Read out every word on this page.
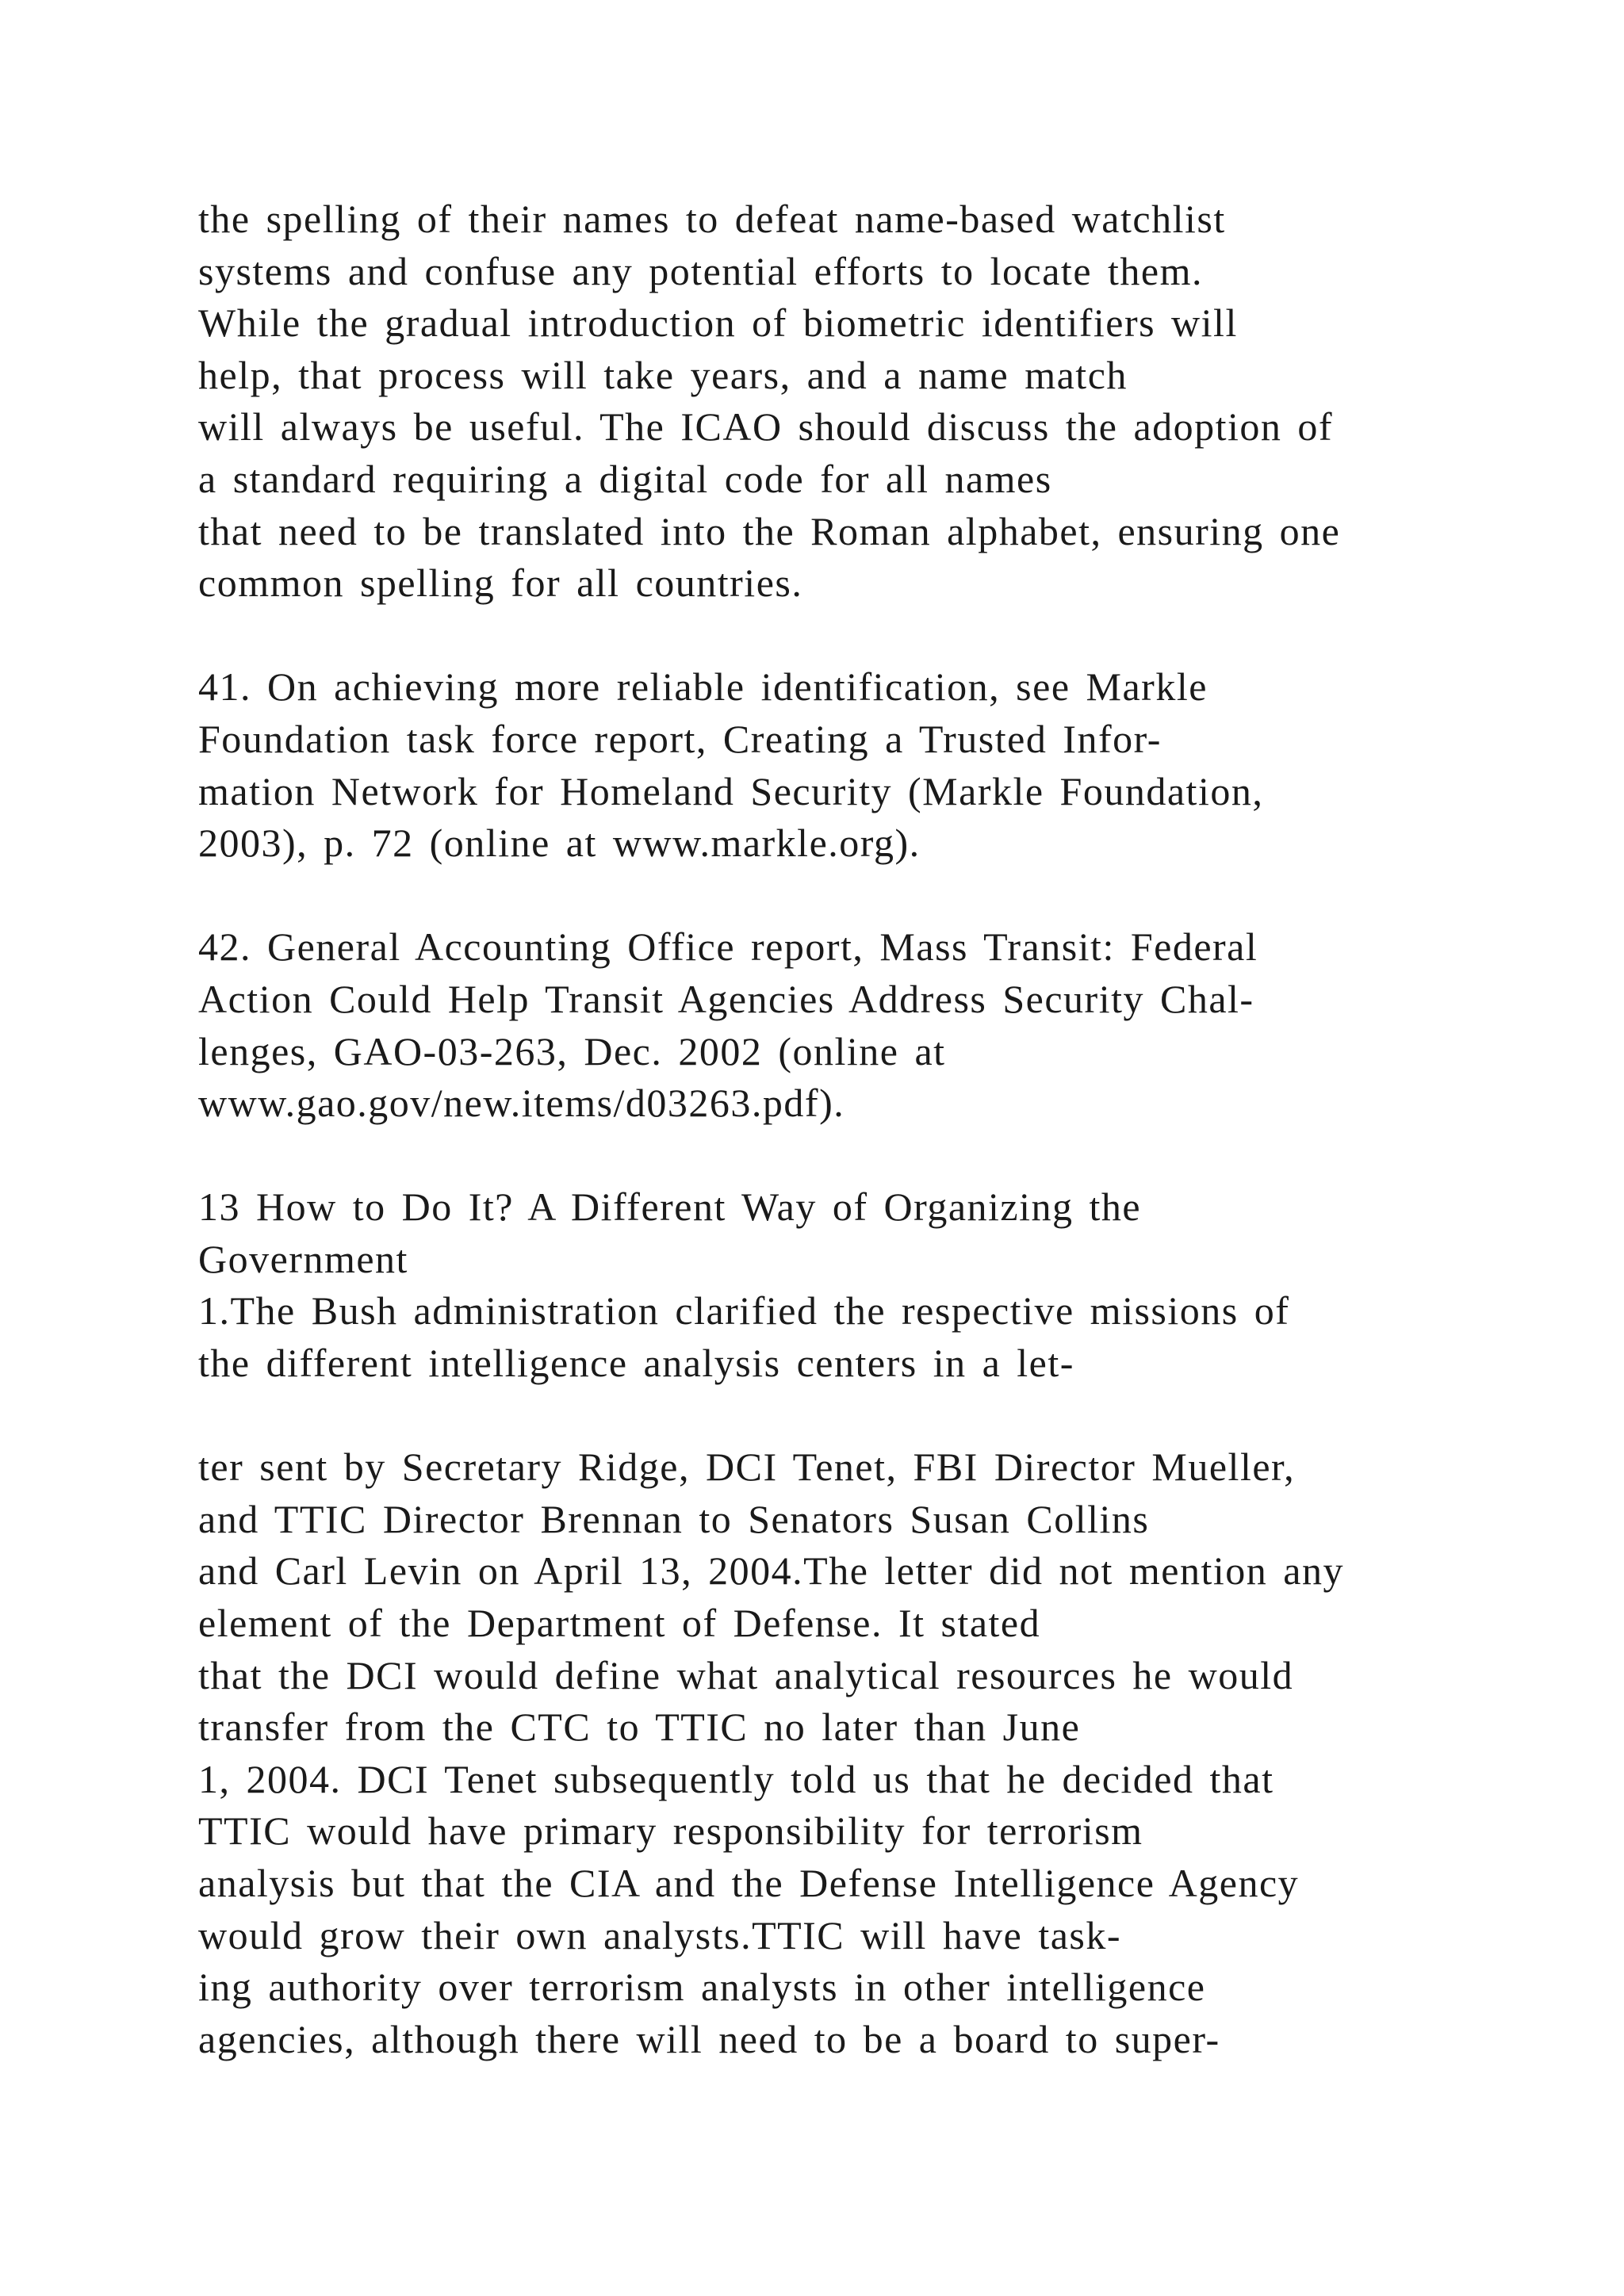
the spelling of their names to defeat name-based watchlist
systems and confuse any potential efforts to locate them.
While the gradual introduction of biometric identifiers will
help, that process will take years, and a name match
will always be useful. The ICAO should discuss the adoption of
a standard requiring a digital code for all names
that need to be translated into the Roman alphabet, ensuring one
common spelling for all countries.
41. On achieving more reliable identification, see Markle
Foundation task force report, Creating a Trusted Infor-
mation Network for Homeland Security (Markle Foundation,
2003), p. 72 (online at www.markle.org).
42. General Accounting Office report, Mass Transit: Federal
Action Could Help Transit Agencies Address Security Chal-
lenges, GAO-03-263, Dec. 2002 (online at
www.gao.gov/new.items/d03263.pdf).
13 How to Do It? A Different Way of Organizing the
Government
1.The Bush administration clarified the respective missions of
the different intelligence analysis centers in a let-
ter sent by Secretary Ridge, DCI Tenet, FBI Director Mueller,
and TTIC Director Brennan to Senators Susan Collins
and Carl Levin on April 13, 2004.The letter did not mention any
element of the Department of Defense. It stated
that the DCI would define what analytical resources he would
transfer from the CTC to TTIC no later than June
1, 2004. DCI Tenet subsequently told us that he decided that
TTIC would have primary responsibility for terrorism
analysis but that the CIA and the Defense Intelligence Agency
would grow their own analysts.TTIC will have task-
ing authority over terrorism analysts in other intelligence
agencies, although there will need to be a board to super-
